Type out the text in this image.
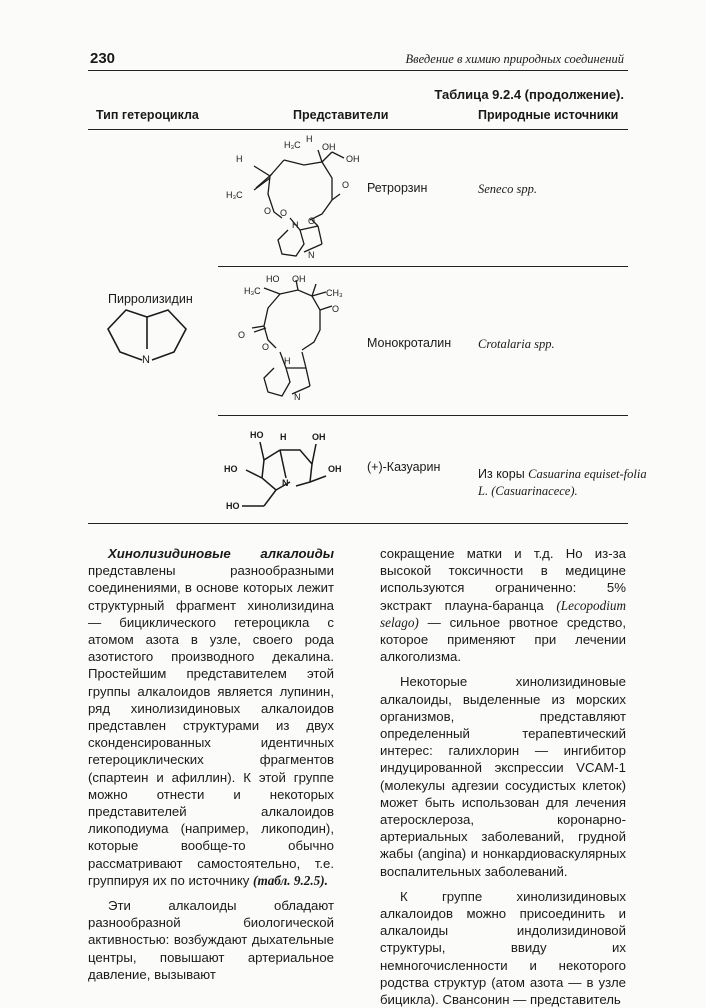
230	Введение в химию природных соединений
Таблица 9.2.4 (продолжение).
Тип гетероцикла	Представители	Природные источники
Пирролизидин
N
H₃C
H
OH
OH
H
H₃C
O
O O
O
H
N
Ретрорзин	Seneco spp.
HO OH
H₃C	CH₃
O
O
O
H
N
Монокроталин Crotalaria spp.
HO H	OH
HO	OH
N
HO
(+)-Казуарин	Из коры Casuarina equiset-folia L. (Casuarinacece).

Хинолизидиновые алкалоиды представлены разнообразными соединениями, в основе которых лежит структурный фрагмент хинолизидина — бициклического гетероцикла с атомом азота в узле, своего рода азотистого производного декалина. Простейшим представителем этой группы алкалоидов является лупинин, ряд хинолизидиновых алкалоидов представлен структурами из двух сконденсированных идентичных гетероциклических фрагментов (спартеин и афиллин). К этой группе можно отнести и некоторых представителей алкалоидов ликоподиума (например, ликоподин), которые вообще-то обычно рассматривают самостоятельно, т.е. группируя их по источнику (табл. 9.2.5).

Эти алкалоиды обладают разнообразной биологической активностью: возбуждают дыхательные центры, повышают артериальное давление, вызывают

сокращение матки и т.д. Но из-за высокой токсичности в медицине используются ограниченно: 5% экстракт плауна-баранца (Lecopodium selago) — сильное рвотное средство, которое применяют при лечении алкоголизма.

Некоторые хинолизидиновые алкалоиды, выделенные из морских организмов, представляют определенный терапевтический интерес: галихлорин — ингибитор индуцированной экспрессии VCAM-1 (молекулы адгезии сосудистых клеток) может быть использован для лечения атеросклероза, коронарно-артериальных заболеваний, грудной жабы (angina) и нонкардиоваскулярных воспалительных заболеваний.

К группе хинолизидиновых алкалоидов можно присоединить и алкалоиды индолизидиновой структуры, ввиду их немногочисленности и некоторого родства структур (атом азота — в узле бицикла). Свансонин — представитель
